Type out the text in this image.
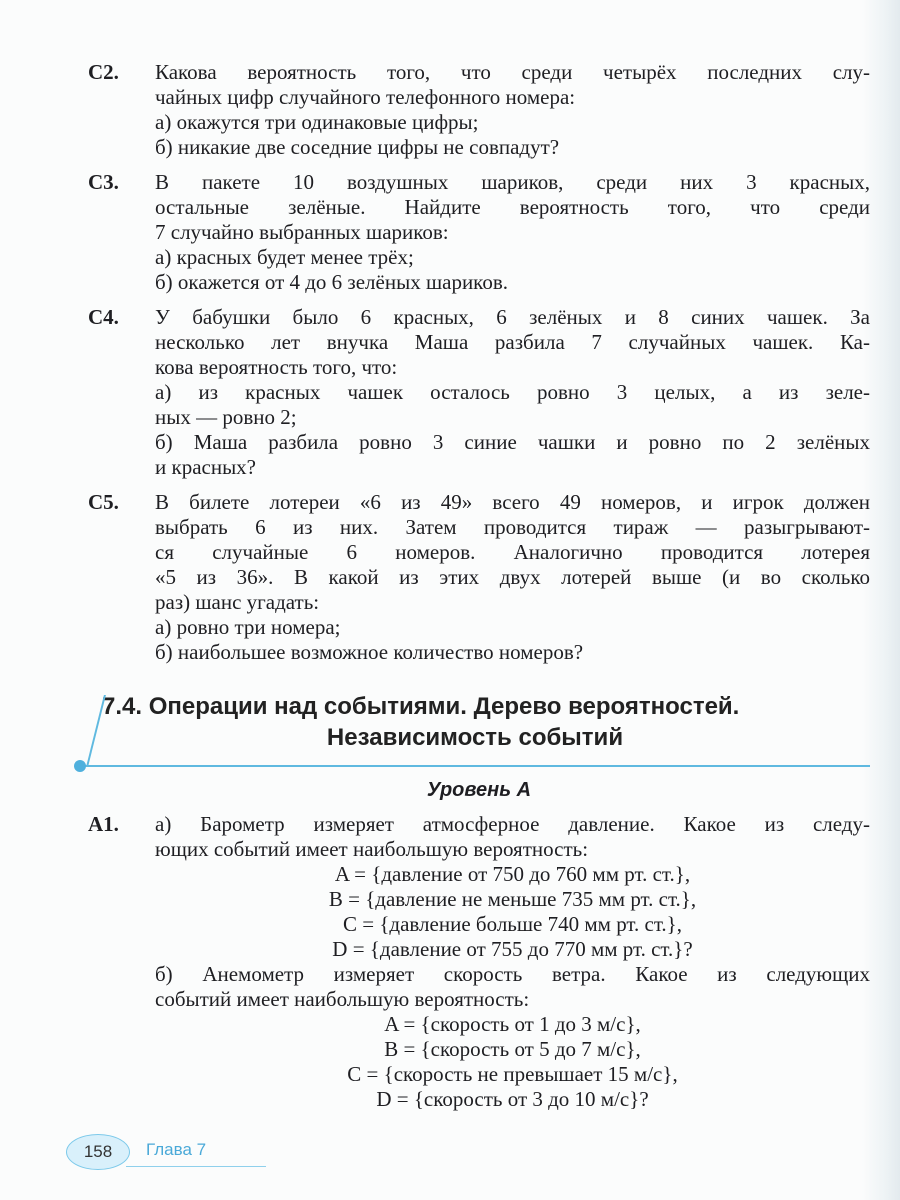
С2. Какова вероятность того, что среди четырёх последних слу-
чайных цифр случайного телефонного номера:
а) окажутся три одинаковые цифры;
б) никакие две соседние цифры не совпадут?
С3. В пакете 10 воздушных шариков, среди них 3 красных,
остальные зелёные. Найдите вероятность того, что среди
7 случайно выбранных шариков:
а) красных будет менее трёх;
б) окажется от 4 до 6 зелёных шариков.
С4. У бабушки было 6 красных, 6 зелёных и 8 синих чашек. За
несколько лет внучка Маша разбила 7 случайных чашек. Ка-
кова вероятность того, что:
а) из красных чашек осталось ровно 3 целых, а из зеле-
ных — ровно 2;
б) Маша разбила ровно 3 синие чашки и ровно по 2 зелёных
и красных?
С5. В билете лотереи «6 из 49» всего 49 номеров, и игрок должен
выбрать 6 из них. Затем проводится тираж — разыгрывают-
ся случайные 6 номеров. Аналогично проводится лотерея
«5 из 36». В какой из этих двух лотерей выше (и во сколько
раз) шанс угадать:
а) ровно три номера;
б) наибольшее возможное количество номеров?
7.4. Операции над событиями. Дерево вероятностей.
Независимость событий
Уровень А
А1. а) Барометр измеряет атмосферное давление. Какое из следу-
ющих событий имеет наибольшую вероятность:
A = {давление от 750 до 760 мм рт. ст.},
B = {давление не меньше 735 мм рт. ст.},
C = {давление больше 740 мм рт. ст.},
D = {давление от 755 до 770 мм рт. ст.}?
б) Анемометр измеряет скорость ветра. Какое из следующих
событий имеет наибольшую вероятность:
A = {скорость от 1 до 3 м/с},
B = {скорость от 5 до 7 м/с},
C = {скорость не превышает 15 м/с},
D = {скорость от 3 до 10 м/с}?
158	Глава 7
